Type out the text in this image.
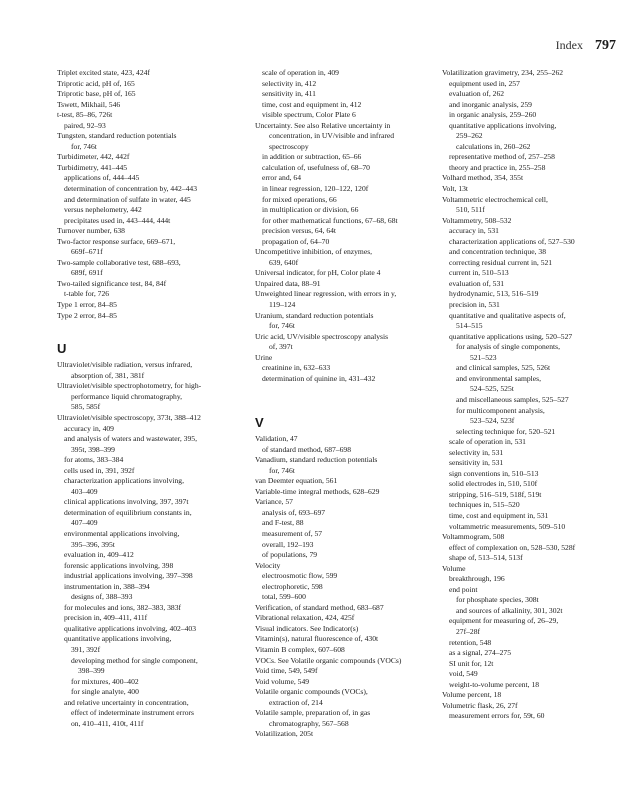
Index 797
Triplet excited state, 423, 424f
Triprotic acid, pH of, 165
Triprotic base, pH of, 165
Tswett, Mikhail, 546
t-test, 85–86, 726t
paired, 92–93
Tungsten, standard reduction potentials
for, 746t
Turbidimeter, 442, 442f
Turbidimetry, 441–445
applications of, 444–445
determination of concentration by, 442–443
and determination of sulfate in water, 445
versus nephelometry, 442
precipitates used in, 443–444, 444t
Turnover number, 638
Two-factor response surface, 669–671,
669f–671f
Two-sample collaborative test, 688–693,
689f, 691f
Two-tailed significance test, 84, 84f
t-table for, 726
Type 1 error, 84–85
Type 2 error, 84–85
U
Ultraviolet/visible radiation, versus infrared,
absorption of, 381, 381f
Ultraviolet/visible spectrophotometry, for high-
performance liquid chromatography,
585, 585f
Ultraviolet/visible spectroscopy, 373t, 388–412
accuracy in, 409
and analysis of waters and wastewater, 395,
395t, 398–399
for atoms, 383–384
cells used in, 391, 392f
characterization applications involving,
403–409
clinical applications involving, 397, 397t
determination of equilibrium constants in,
407–409
environmental applications involving,
395–396, 395t
evaluation in, 409–412
forensic applications involving, 398
industrial applications involving, 397–398
instrumentation in, 388–394
designs of, 388–393
for molecules and ions, 382–383, 383f
precision in, 409–411, 411f
qualitative applications involving, 402–403
quantitative applications involving,
391, 392f
developing method for single component,
398–399
for mixtures, 400–402
for single analyte, 400
and relative uncertainty in concentration,
effect of indeterminate instrument errors
on, 410–411, 410t, 411f
scale of operation in, 409
selectivity in, 412
sensitivity in, 411
time, cost and equipment in, 412
visible spectrum, Color Plate 6
Uncertainty. See also Relative uncertainty in
concentration, in UV/visible and infrared
spectroscopy
in addition or subtraction, 65–66
calculation of, usefulness of, 68–70
error and, 64
in linear regression, 120–122, 120f
for mixed operations, 66
in multiplication or division, 66
for other mathematical functions, 67–68, 68t
precision versus, 64, 64t
propagation of, 64–70
Uncompetitive inhibition, of enzymes,
639, 640f
Universal indicator, for pH, Color plate 4
Unpaired data, 88–91
Unweighted linear regression, with errors in y,
119–124
Uranium, standard reduction potentials
for, 746t
Uric acid, UV/visible spectroscopy analysis
of, 397t
Urine
creatinine in, 632–633
determination of quinine in, 431–432
V
Validation, 47
of standard method, 687–698
Vanadium, standard reduction potentials
for, 746t
van Deemter equation, 561
Variable-time integral methods, 628–629
Variance, 57
analysis of, 693–697
and F-test, 88
measurement of, 57
overall, 192–193
of populations, 79
Velocity
electroosmotic flow, 599
electrophoretic, 598
total, 599–600
Verification, of standard method, 683–687
Vibrational relaxation, 424, 425f
Visual indicators. See Indicator(s)
Vitamin(s), natural fluorescence of, 430t
Vitamin B complex, 607–608
VOCs. See Volatile organic compounds (VOCs)
Void time, 549, 549f
Void volume, 549
Volatile organic compounds (VOCs),
extraction of, 214
Volatile sample, preparation of, in gas
chromatography, 567–568
Volatilization, 205t
Volatilization gravimetry, 234, 255–262
equipment used in, 257
evaluation of, 262
and inorganic analysis, 259
in organic analysis, 259–260
quantitative applications involving,
259–262
calculations in, 260–262
representative method of, 257–258
theory and practice in, 255–258
Volhard method, 354, 355t
Volt, 13t
Voltammetric electrochemical cell,
510, 511f
Voltammetry, 508–532
accuracy in, 531
characterization applications of, 527–530
and concentration technique, 38
correcting residual current in, 521
current in, 510–513
evaluation of, 531
hydrodynamic, 513, 516–519
precision in, 531
quantitative and qualitative aspects of,
514–515
quantitative applications using, 520–527
for analysis of single components,
521–523
and clinical samples, 525, 526t
and environmental samples,
524–525, 525t
and miscellaneous samples, 525–527
for multicomponent analysis,
523–524, 523f
selecting technique for, 520–521
scale of operation in, 531
selectivity in, 531
sensitivity in, 531
sign conventions in, 510–513
solid electrodes in, 510, 510f
stripping, 516–519, 518f, 519t
techniques in, 515–520
time, cost and equipment in, 531
voltammetric measurements, 509–510
Voltammogram, 508
effect of complexation on, 528–530, 528f
shape of, 513–514, 513f
Volume
breakthrough, 196
end point
for phosphate species, 308t
and sources of alkalinity, 301, 302t
equipment for measuring of, 26–29,
27f–28f
retention, 548
as a signal, 274–275
SI unit for, 12t
void, 549
weight-to-volume percent, 18
Volume percent, 18
Volumetric flask, 26, 27f
measurement errors for, 59t, 60
